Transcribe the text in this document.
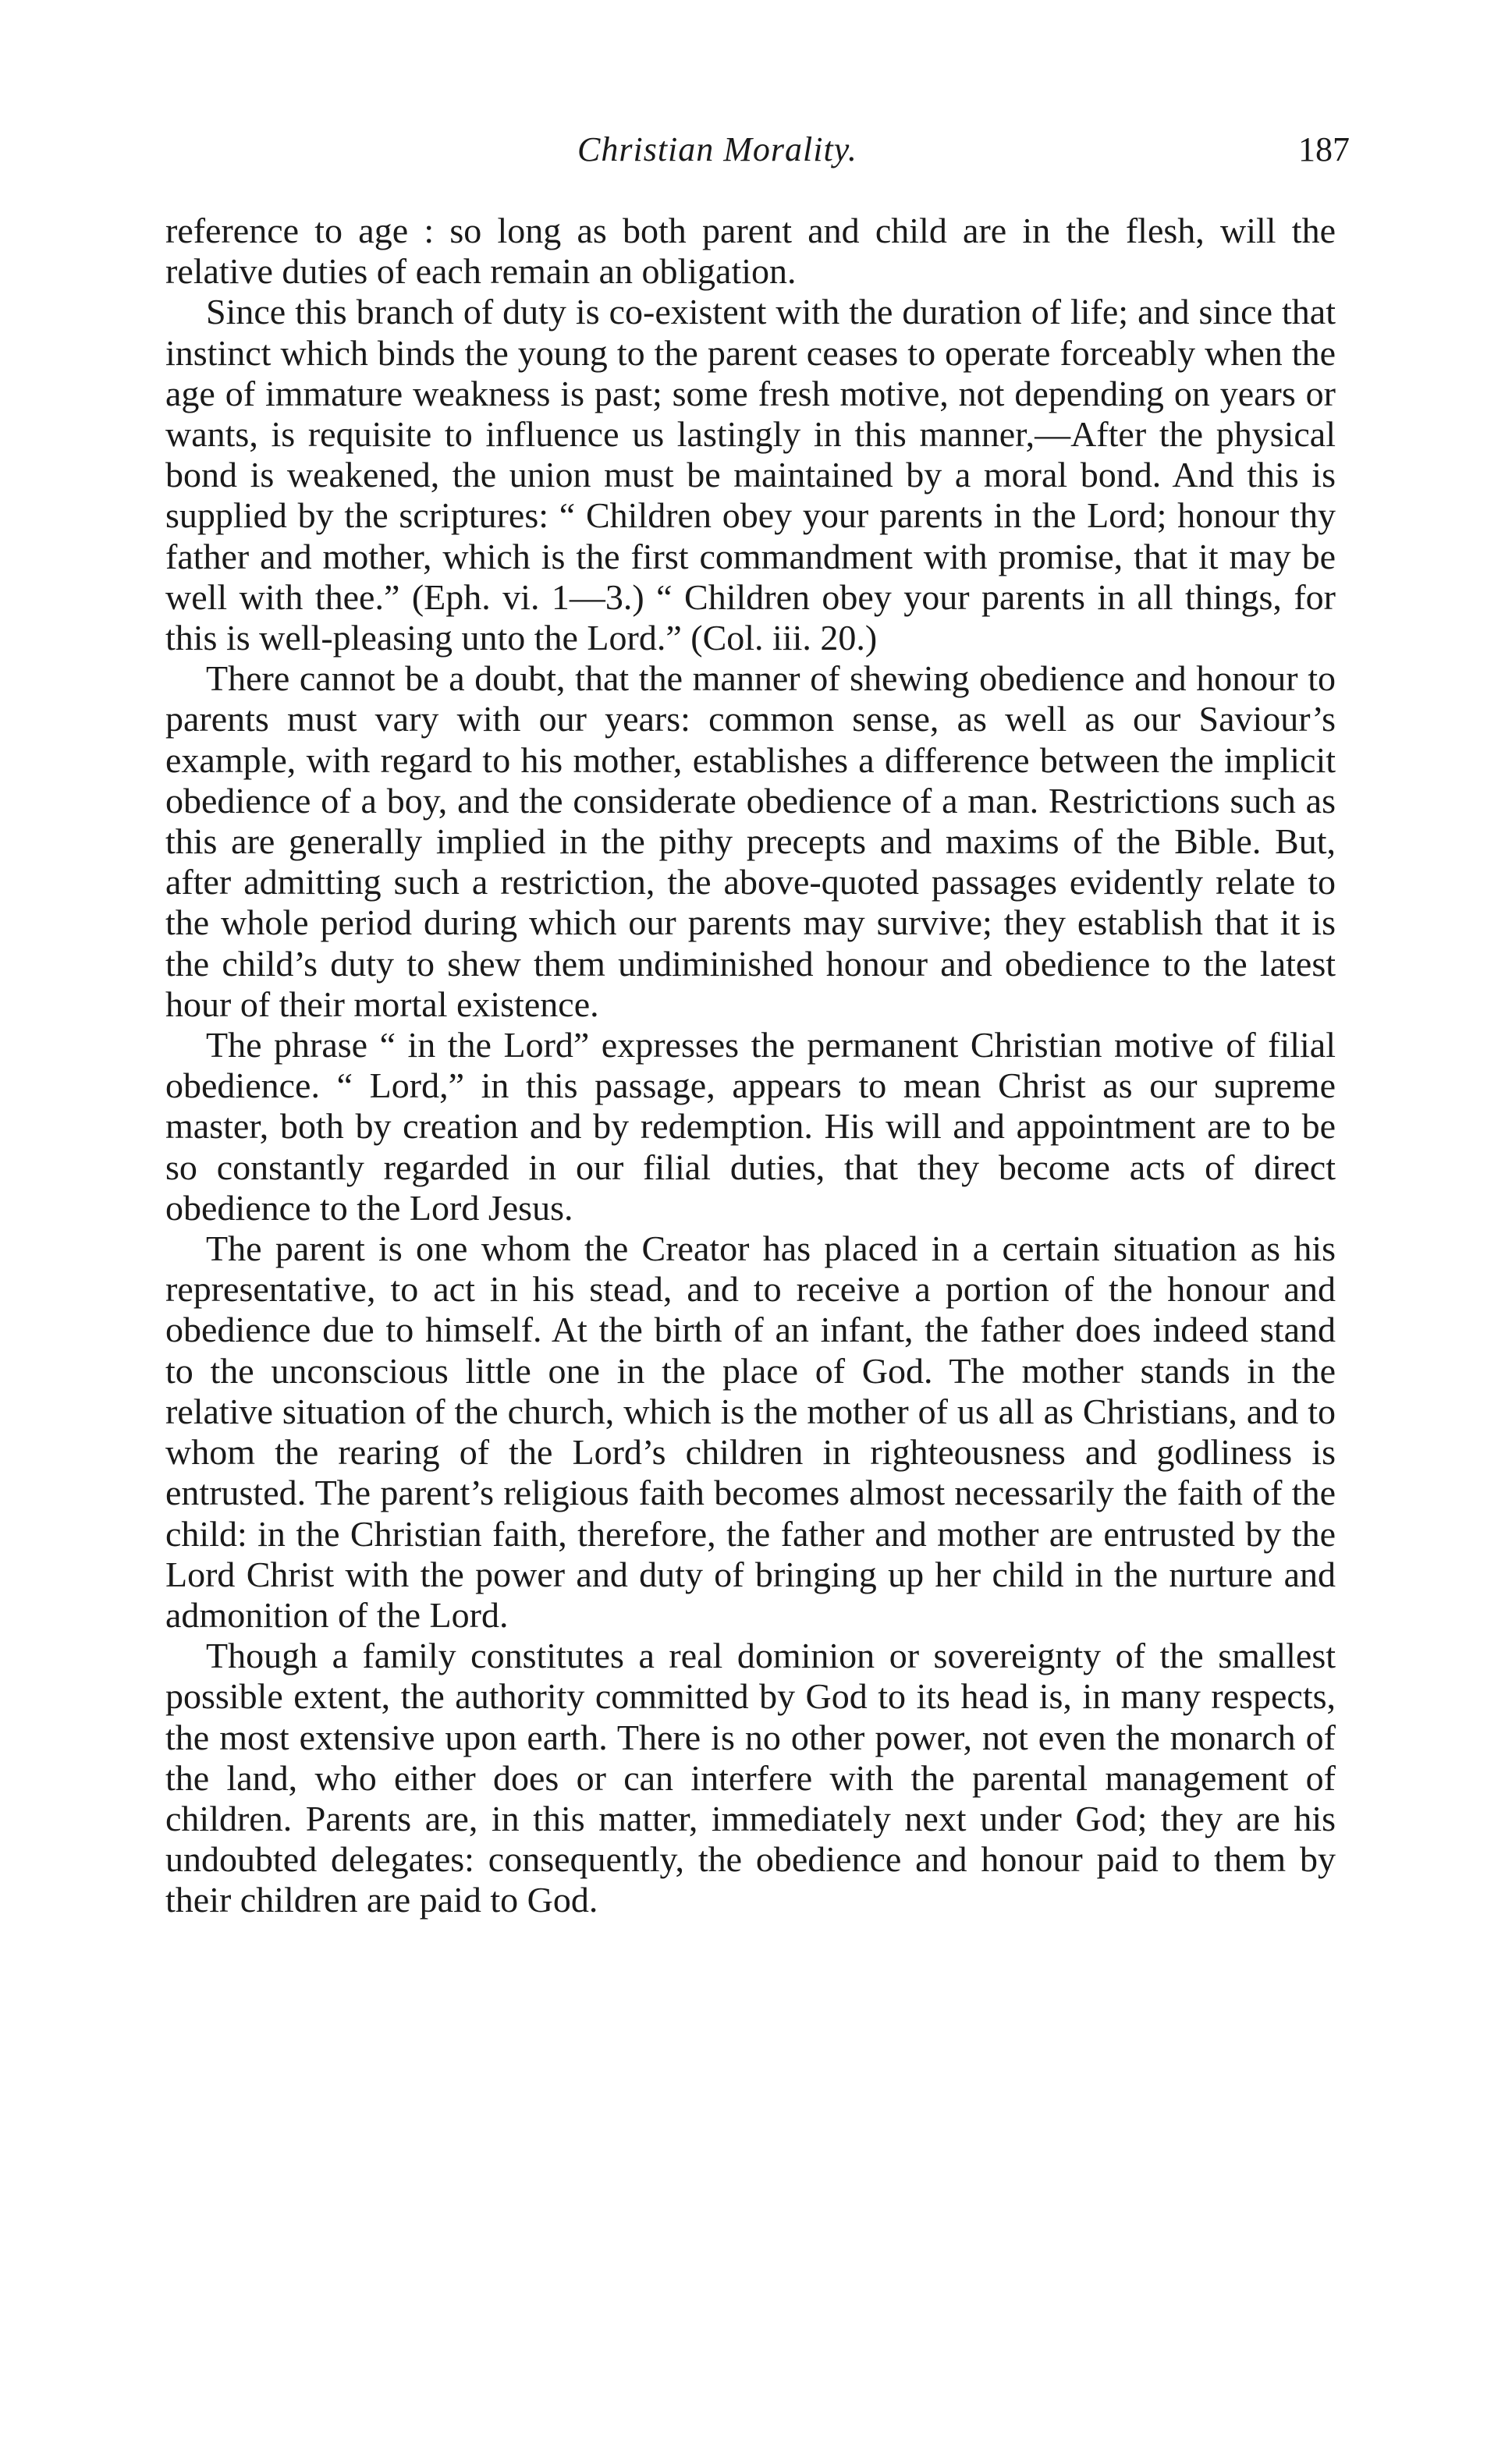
Christian Morality.	187

reference to age : so long as both parent and child are in the flesh, will the relative duties of each remain an obligation.

Since this branch of duty is co-existent with the duration of life; and since that instinct which binds the young to the parent ceases to operate forceably when the age of immature weakness is past; some fresh motive, not depending on years or wants, is requisite to influence us lastingly in this manner,—After the physical bond is weakened, the union must be maintained by a moral bond. And this is supplied by the scriptures: “ Children obey your parents in the Lord; honour thy father and mother, which is the first commandment with promise, that it may be well with thee.” (Eph. vi. 1—3.) “ Children obey your parents in all things, for this is well-pleasing unto the Lord.” (Col. iii. 20.)

There cannot be a doubt, that the manner of shewing obedience and honour to parents must vary with our years: common sense, as well as our Saviour’s example, with regard to his mother, establishes a difference between the implicit obedience of a boy, and the considerate obedience of a man. Restrictions such as this are generally implied in the pithy precepts and maxims of the Bible. But, after admitting such a restriction, the above-quoted passages evidently relate to the whole period during which our parents may survive; they establish that it is the child’s duty to shew them undiminished honour and obedience to the latest hour of their mortal existence.

The phrase “ in the Lord” expresses the permanent Christian motive of filial obedience. “ Lord,” in this passage, appears to mean Christ as our supreme master, both by creation and by redemption. His will and appointment are to be so constantly regarded in our filial duties, that they become acts of direct obedience to the Lord Jesus.

The parent is one whom the Creator has placed in a certain situation as his representative, to act in his stead, and to receive a portion of the honour and obedience due to himself. At the birth of an infant, the father does indeed stand to the unconscious little one in the place of God. The mother stands in the relative situation of the church, which is the mother of us all as Christians, and to whom the rearing of the Lord’s children in righteousness and godliness is entrusted. The parent’s religious faith becomes almost necessarily the faith of the child: in the Christian faith, therefore, the father and mother are entrusted by the Lord Christ with the power and duty of bringing up her child in the nurture and admonition of the Lord.

Though a family constitutes a real dominion or sovereignty of the smallest possible extent, the authority committed by God to its head is, in many respects, the most extensive upon earth. There is no other power, not even the monarch of the land, who either does or can interfere with the parental management of children. Parents are, in this matter, immediately next under God; they are his undoubted delegates: consequently, the obedience and honour paid to them by their children are paid to God.
